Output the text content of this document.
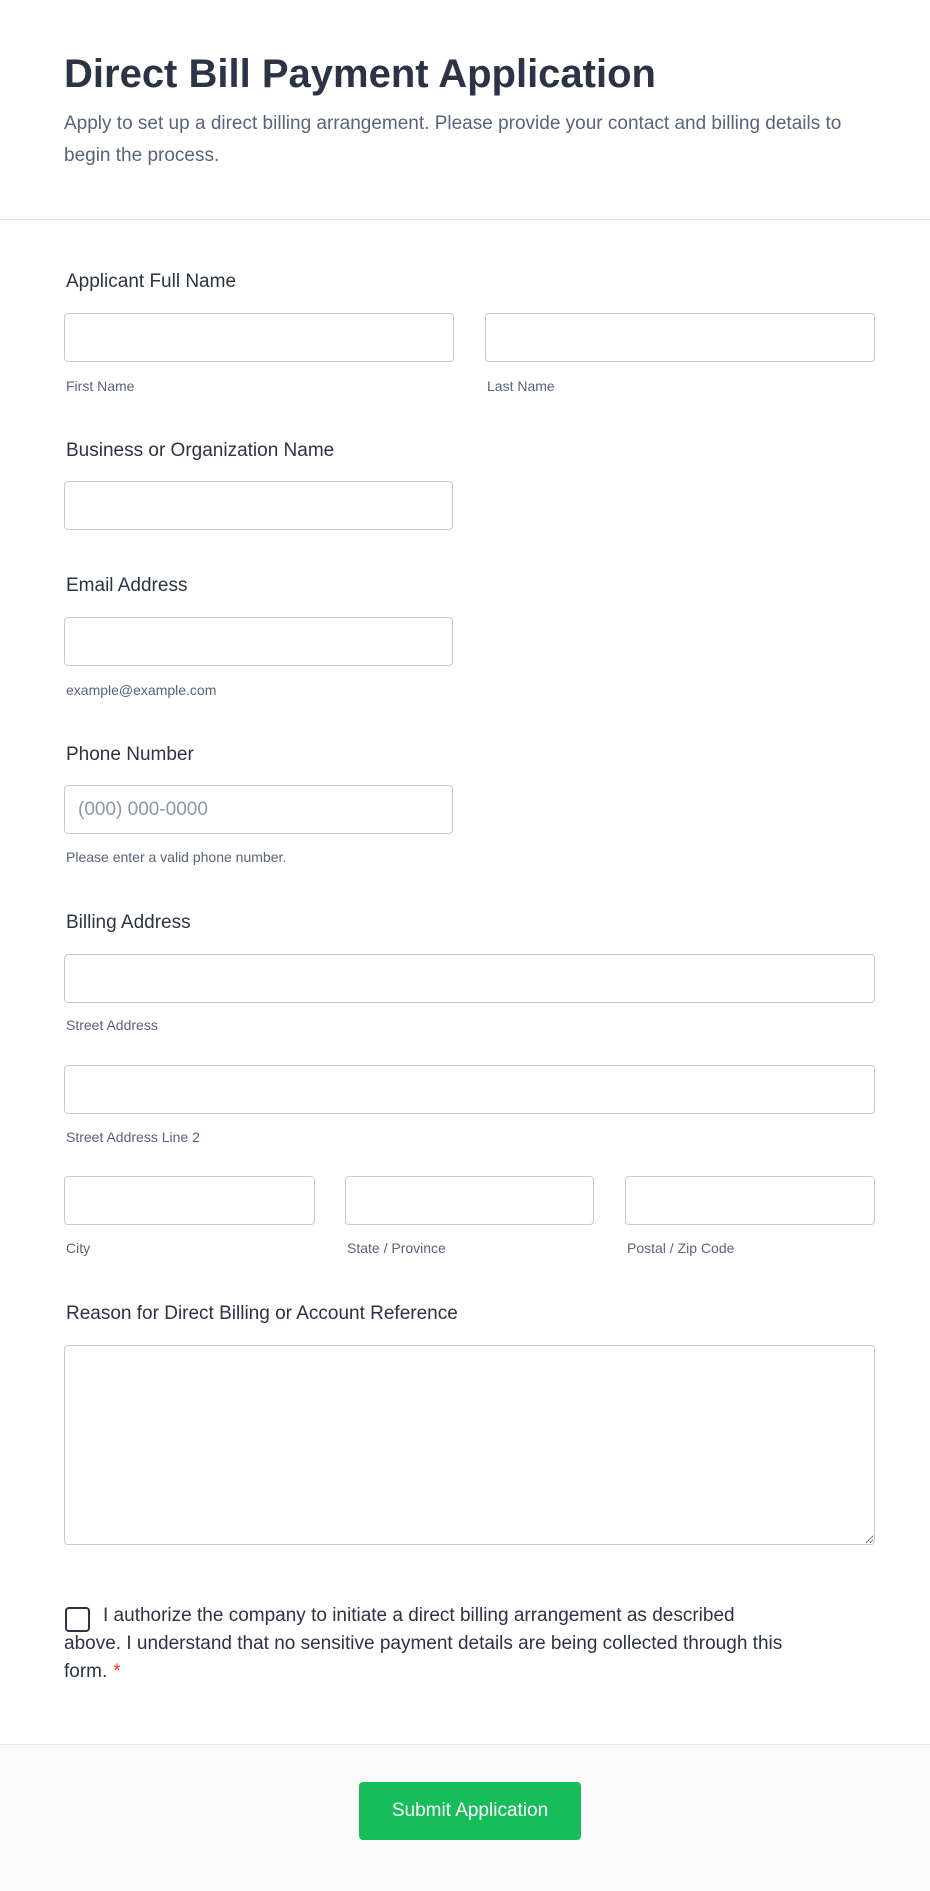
Direct Bill Payment Application

Apply to set up a direct billing arrangement. Please provide your contact and billing details to begin the process.

Applicant Full Name
First Name	Last Name
Business or Organization Name
Email Address
example@example.com
Phone Number
(000) 000-0000
Please enter a valid phone number.
Billing Address
Street Address
Street Address Line 2
City	State / Province	Postal / Zip Code
Reason for Direct Billing or Account Reference
I authorize the company to initiate a direct billing arrangement as described above. I understand that no sensitive payment details are being collected through this form. *
Submit Application
